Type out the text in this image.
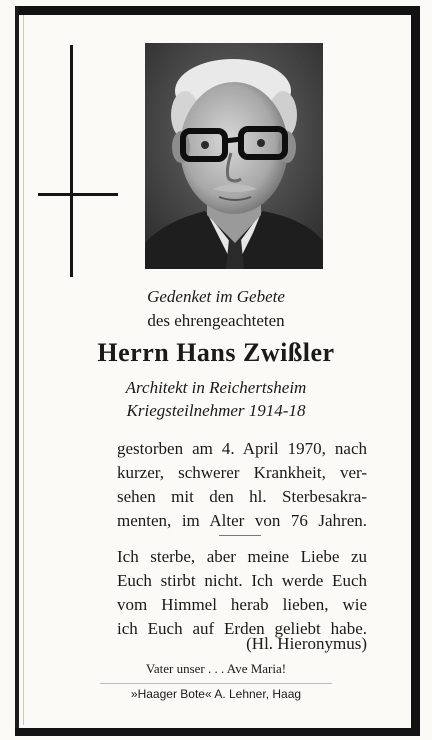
Gedenket im Gebete
des ehrengeachteten
Herrn Hans Zwißler
Architekt in Reichertsheim
Kriegsteilnehmer 1914-18
gestorben am 4. April 1970, nach
kurzer, schwerer Krankheit, ver-
sehen mit den hl. Sterbesakra-
menten, im Alter von 76 Jahren.
Ich sterbe, aber meine Liebe zu
Euch stirbt nicht. Ich werde Euch
vom Himmel herab lieben, wie
ich Euch auf Erden geliebt habe.
(Hl. Hieronymus)
Vater unser . . . Ave Maria!
»Haager Bote« A. Lehner, Haag
